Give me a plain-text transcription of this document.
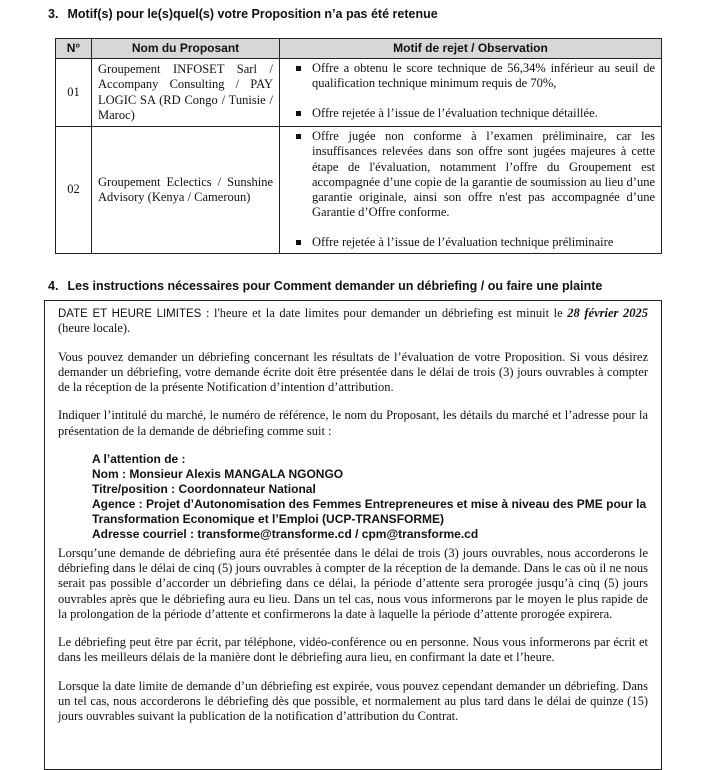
3. Motif(s) pour le(s)quel(s) votre Proposition n’a pas été retenue
N°	Nom du Proposant	Motif de rejet / Observation
01	Groupement INFOSET Sarl / Accompany Consulting / PAY LOGIC SA (RD Congo / Tunisie / Maroc)	Offre a obtenu le score technique de 56,34% inférieur au seuil de qualification technique minimum requis de 70%,
Offre rejetée à l’issue de l’évaluation technique détaillée.

02	Groupement Eclectics / Sunshine Advisory (Kenya / Cameroun)	Offre jugée non conforme à l’examen préliminaire, car les insuffisances relevées dans son offre sont jugées majeures à cette étape de l'évaluation, notamment l’offre du Groupement est accompagnée d’une copie de la garantie de soumission au lieu d’une garantie originale, ainsi son offre n'est pas accompagnée d’une Garantie d’Offre conforme.
Offre rejetée à l’issue de l’évaluation technique préliminaire
4. Les instructions nécessaires pour Comment demander un débriefing / ou faire une plainte

DATE ET HEURE LIMITES : l'heure et la date limites pour demander un débriefing est minuit le 28 février 2025 (heure locale).

Vous pouvez demander un débriefing concernant les résultats de l’évaluation de votre Proposition. Si vous désirez demander un débriefing, votre demande écrite doit être présentée dans le délai de trois (3) jours ouvrables à compter de la réception de la présente Notification d’intention d’attribution.

Indiquer l’intitulé du marché, le numéro de référence, le nom du Proposant, les détails du marché et l’adresse pour la présentation de la demande de débriefing comme suit :

A l’attention de :
Nom : Monsieur Alexis MANGALA NGONGO
Titre/position : Coordonnateur National
Agence : Projet d’Autonomisation des Femmes Entrepreneures et mise à niveau des PME pour la Transformation Economique et l’Emploi (UCP-TRANSFORME)
Adresse courriel : transforme@transforme.cd / cpm@transforme.cd

Lorsqu’une demande de débriefing aura été présentée dans le délai de trois (3) jours ouvrables, nous accorderons le débriefing dans le délai de cinq (5) jours ouvrables à compter de la réception de la demande. Dans le cas où il ne nous serait pas possible d’accorder un débriefing dans ce délai, la période d’attente sera prorogée jusqu’à cinq (5) jours ouvrables après que le débriefing aura eu lieu. Dans un tel cas, nous vous informerons par le moyen le plus rapide de la prolongation de la période d’attente et confirmerons la date à laquelle la période d’attente prorogée expirera.

Le débriefing peut être par écrit, par téléphone, vidéo-conférence ou en personne. Nous vous informerons par écrit et dans les meilleurs délais de la manière dont le débriefing aura lieu, en confirmant la date et l’heure.

Lorsque la date limite de demande d’un débriefing est expirée, vous pouvez cependant demander un débriefing. Dans un tel cas, nous accorderons le débriefing dès que possible, et normalement au plus tard dans le délai de quinze (15) jours ouvrables suivant la publication de la notification d’attribution du Contrat.
